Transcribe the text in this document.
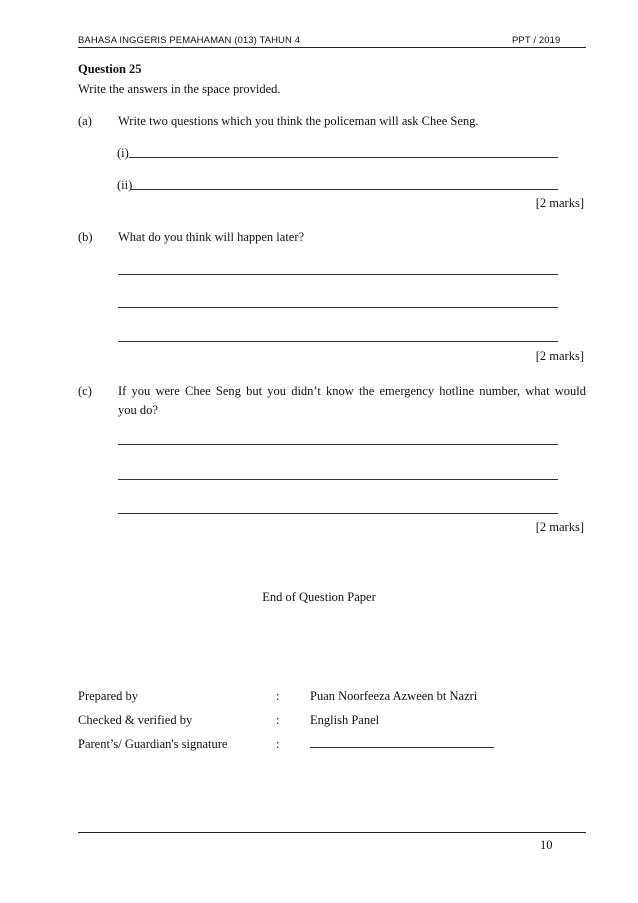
BAHASA INGGERIS PEMAHAMAN (013) TAHUN 4	PPT / 2019
Question 25
Write the answers in the space provided.
(a) Write two questions which you think the policeman will ask Chee Seng.
(i)
(ii)
[2 marks]
(b) What do you think will happen later?
[2 marks]
(c) If you were Chee Seng but you didn’t know the emergency hotline number, what would
you do?
[2 marks]
End of Question Paper
Prepared by	: Puan Noorfeeza Azween bt Nazri
Checked & verified by	: English Panel
Parent’s/ Guardian's signature	:
10
